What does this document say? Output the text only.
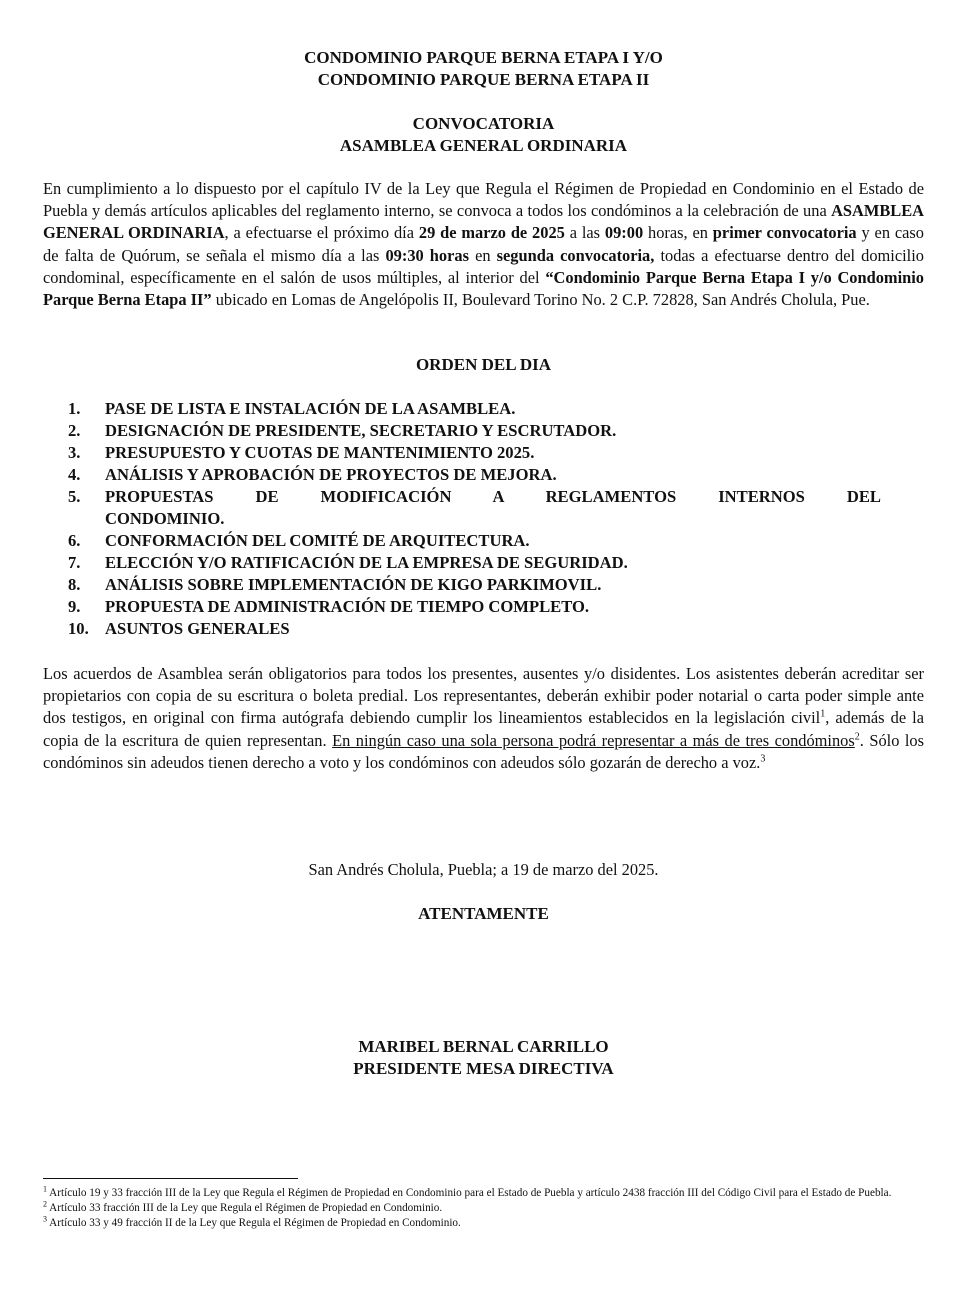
CONDOMINIO PARQUE BERNA ETAPA I Y/O
CONDOMINIO PARQUE BERNA ETAPA II
CONVOCATORIA
ASAMBLEA GENERAL ORDINARIA

En cumplimiento a lo dispuesto por el capítulo IV de la Ley que Regula el Régimen de Propiedad en Condominio en el Estado de Puebla y demás artículos aplicables del reglamento interno, se convoca a todos los condóminos a la celebración de una ASAMBLEA GENERAL ORDINARIA, a efectuarse el próximo día 29 de marzo de 2025 a las 09:00 horas, en primer convocatoria y en caso de falta de Quórum, se señala el mismo día a las 09:30 horas en segunda convocatoria, todas a efectuarse dentro del domicilio condominal, específicamente en el salón de usos múltiples, al interior del “Condominio Parque Berna Etapa I y/o Condominio Parque Berna Etapa II” ubicado en Lomas de Angelópolis II, Boulevard Torino No. 2 C.P. 72828, San Andrés Cholula, Pue.

ORDEN DEL DIA
1.	PASE DE LISTA E INSTALACIÓN DE LA ASAMBLEA.
2.	DESIGNACIÓN DE PRESIDENTE, SECRETARIO Y ESCRUTADOR.
3.	PRESUPUESTO Y CUOTAS DE MANTENIMIENTO 2025.
4.	ANÁLISIS Y APROBACIÓN DE PROYECTOS DE MEJORA.
5.	PROPUESTAS DE MODIFICACIÓN A REGLAMENTOS INTERNOS DEL
CONDOMINIO.
6.	CONFORMACIÓN DEL COMITÉ DE ARQUITECTURA.
7.	ELECCIÓN Y/O RATIFICACIÓN DE LA EMPRESA DE SEGURIDAD.
8.	ANÁLISIS SOBRE IMPLEMENTACIÓN DE KIGO PARKIMOVIL.
9.	PROPUESTA DE ADMINISTRACIÓN DE TIEMPO COMPLETO.
10. ASUNTOS GENERALES

Los acuerdos de Asamblea serán obligatorios para todos los presentes, ausentes y/o disidentes. Los asistentes deberán acreditar ser propietarios con copia de su escritura o boleta predial. Los representantes, deberán exhibir poder notarial o carta poder simple ante dos testigos, en original con firma autógrafa debiendo cumplir los lineamientos establecidos en la legislación civil$^1$, además de la copia de la escritura de quien representan. En ningún caso una sola persona podrá representar a más de tres condóminos$^2$. Sólo los condóminos sin adeudos tienen derecho a voto y los condóminos con adeudos sólo gozarán de derecho a voz.$^3$

San Andrés Cholula, Puebla; a 19 de marzo del 2025.
ATENTAMENTE
MARIBEL BERNAL CARRILLO
PRESIDENTE MESA DIRECTIVA

$^1$ Artículo 19 y 33 fracción III de la Ley que Regula el Régimen de Propiedad en Condominio para el Estado de Puebla y artículo 2438 fracción III del Código Civil para el Estado de Puebla.

$^2$ Artículo 33 fracción III de la Ley que Regula el Régimen de Propiedad en Condominio.

$^3$ Artículo 33 y 49 fracción II de la Ley que Regula el Régimen de Propiedad en Condominio.
